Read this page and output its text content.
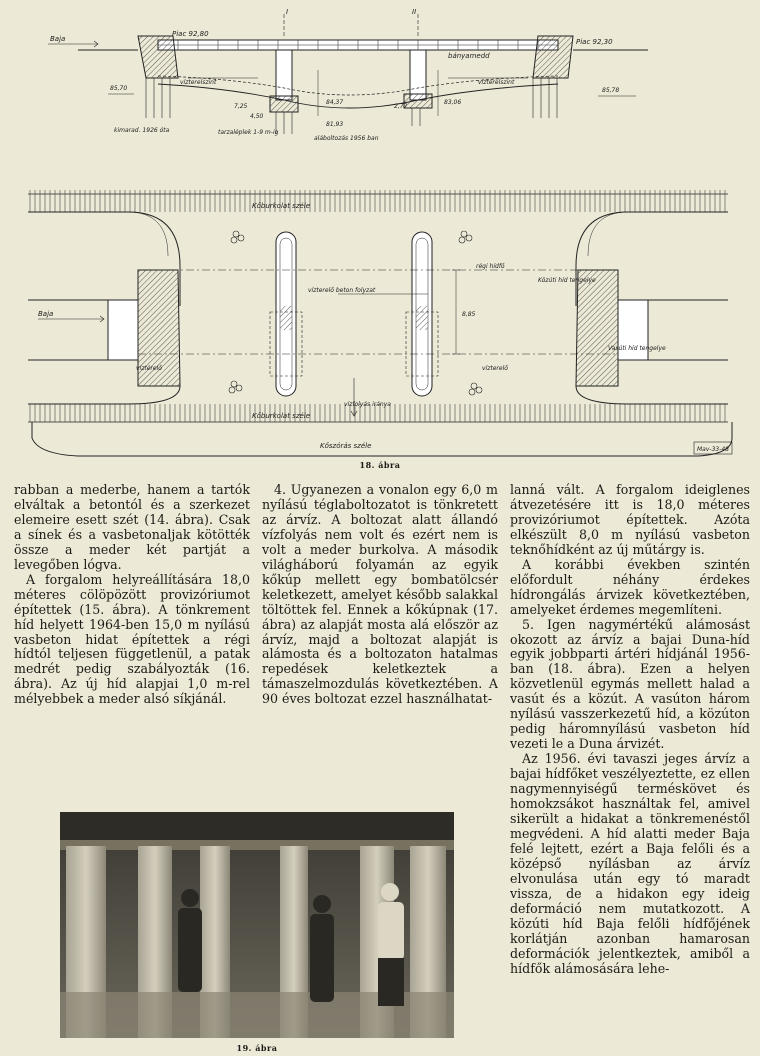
Baja
Piac 92,80
Piac 92,30
I	II
bányamedd
vízterelszint	víztérelszint
85,70	85,78
84,37	83,06
81,93
7,25	2,77
4,50
kimarad. 1926 óta	tarzaléplek 1-9 m-ig
aláboltozás 1956 ban
Kőburkolat széle
Kőburkolat széle
régi hídfő
Közúti híd tengelye
Vasúti híd tengelye
vízterelő beton folyzat
víztérelő	vízterelő
Baja	8,85
vízfolyás iránya
Kőszórás széle	Mav-33-48
18. ábra

rabban a mederbe, hanem a tartók elváltak a betontól és a szerkezet elemeire esett szét (14. ábra). Csak a sínek és a vasbetonaljak kötötték össze a meder két partját a levegőben lógva.

A forgalom helyreállítására 18,0 méteres cölöpözött provizóriumot építettek (15. ábra). A tönkrement híd helyett 1964-ben 15,0 m nyílású vasbeton hidat építettek a régi hídtól teljesen függetlenül, a patak medrét pedig szabályozták (16. ábra). Az új híd alapjai 1,0 m-rel mélyebbek a meder alsó síkjánál.

4. Ugyanezen a vonalon egy 6,0 m nyílású téglaboltozatot is tönkretett az árvíz. A boltozat alatt állandó vízfolyás nem volt és ezért nem is volt a meder burkolva. A második világháború folyamán az egyik kőkúp mellett egy bombatölcsér keletkezett, amelyet később salakkal töltöttek fel. Ennek a kőkúpnak (17. ábra) az alapját mosta alá először az árvíz, majd a boltozat alapját is alámosta és a boltozaton hatalmas repedések keletkeztek a támaszelmozdulás következtében. A 90 éves boltozat ezzel használhatat-

lanná vált. A forgalom ideiglenes átvezetésére itt is 18,0 méteres provizóriumot építettek. Azóta elkészült 8,0 m nyílású vasbeton teknőhídként az új műtárgy is.

A korábbi években szintén előfordult néhány érdekes hídrongálás árvizek következtében, amelyeket érdemes megemlíteni.

5. Igen nagymértékű alámosást okozott az árvíz a bajai Duna-híd egyik jobbparti ártéri hídjánál 1956-ban (18. ábra). Ezen a helyen közvetlenül egymás mellett halad a vasút és a közút. A vasúton három nyílású vasszerkezetű híd, a közúton pedig háromnyílású vasbeton híd vezeti le a Duna árvizét.

Az 1956. évi tavaszi jeges árvíz a bajai hídfőket veszélyeztette, ez ellen nagymennyiségű terméskövet és homokzsákot használtak fel, amivel sikerült a hidakat a tönkremenéstől megvédeni. A híd alatti meder Baja felé lejtett, ezért a Baja felőli és a középső nyílásban az árvíz elvonulása után egy tó maradt vissza, de a hidakon egy ideig deformáció nem mutatkozott. A közúti híd Baja felőli hídfőjének korlátján azonban hamarosan deformációk jelentkeztek, amiből a hídfők alámosására lehe-

19. ábra
